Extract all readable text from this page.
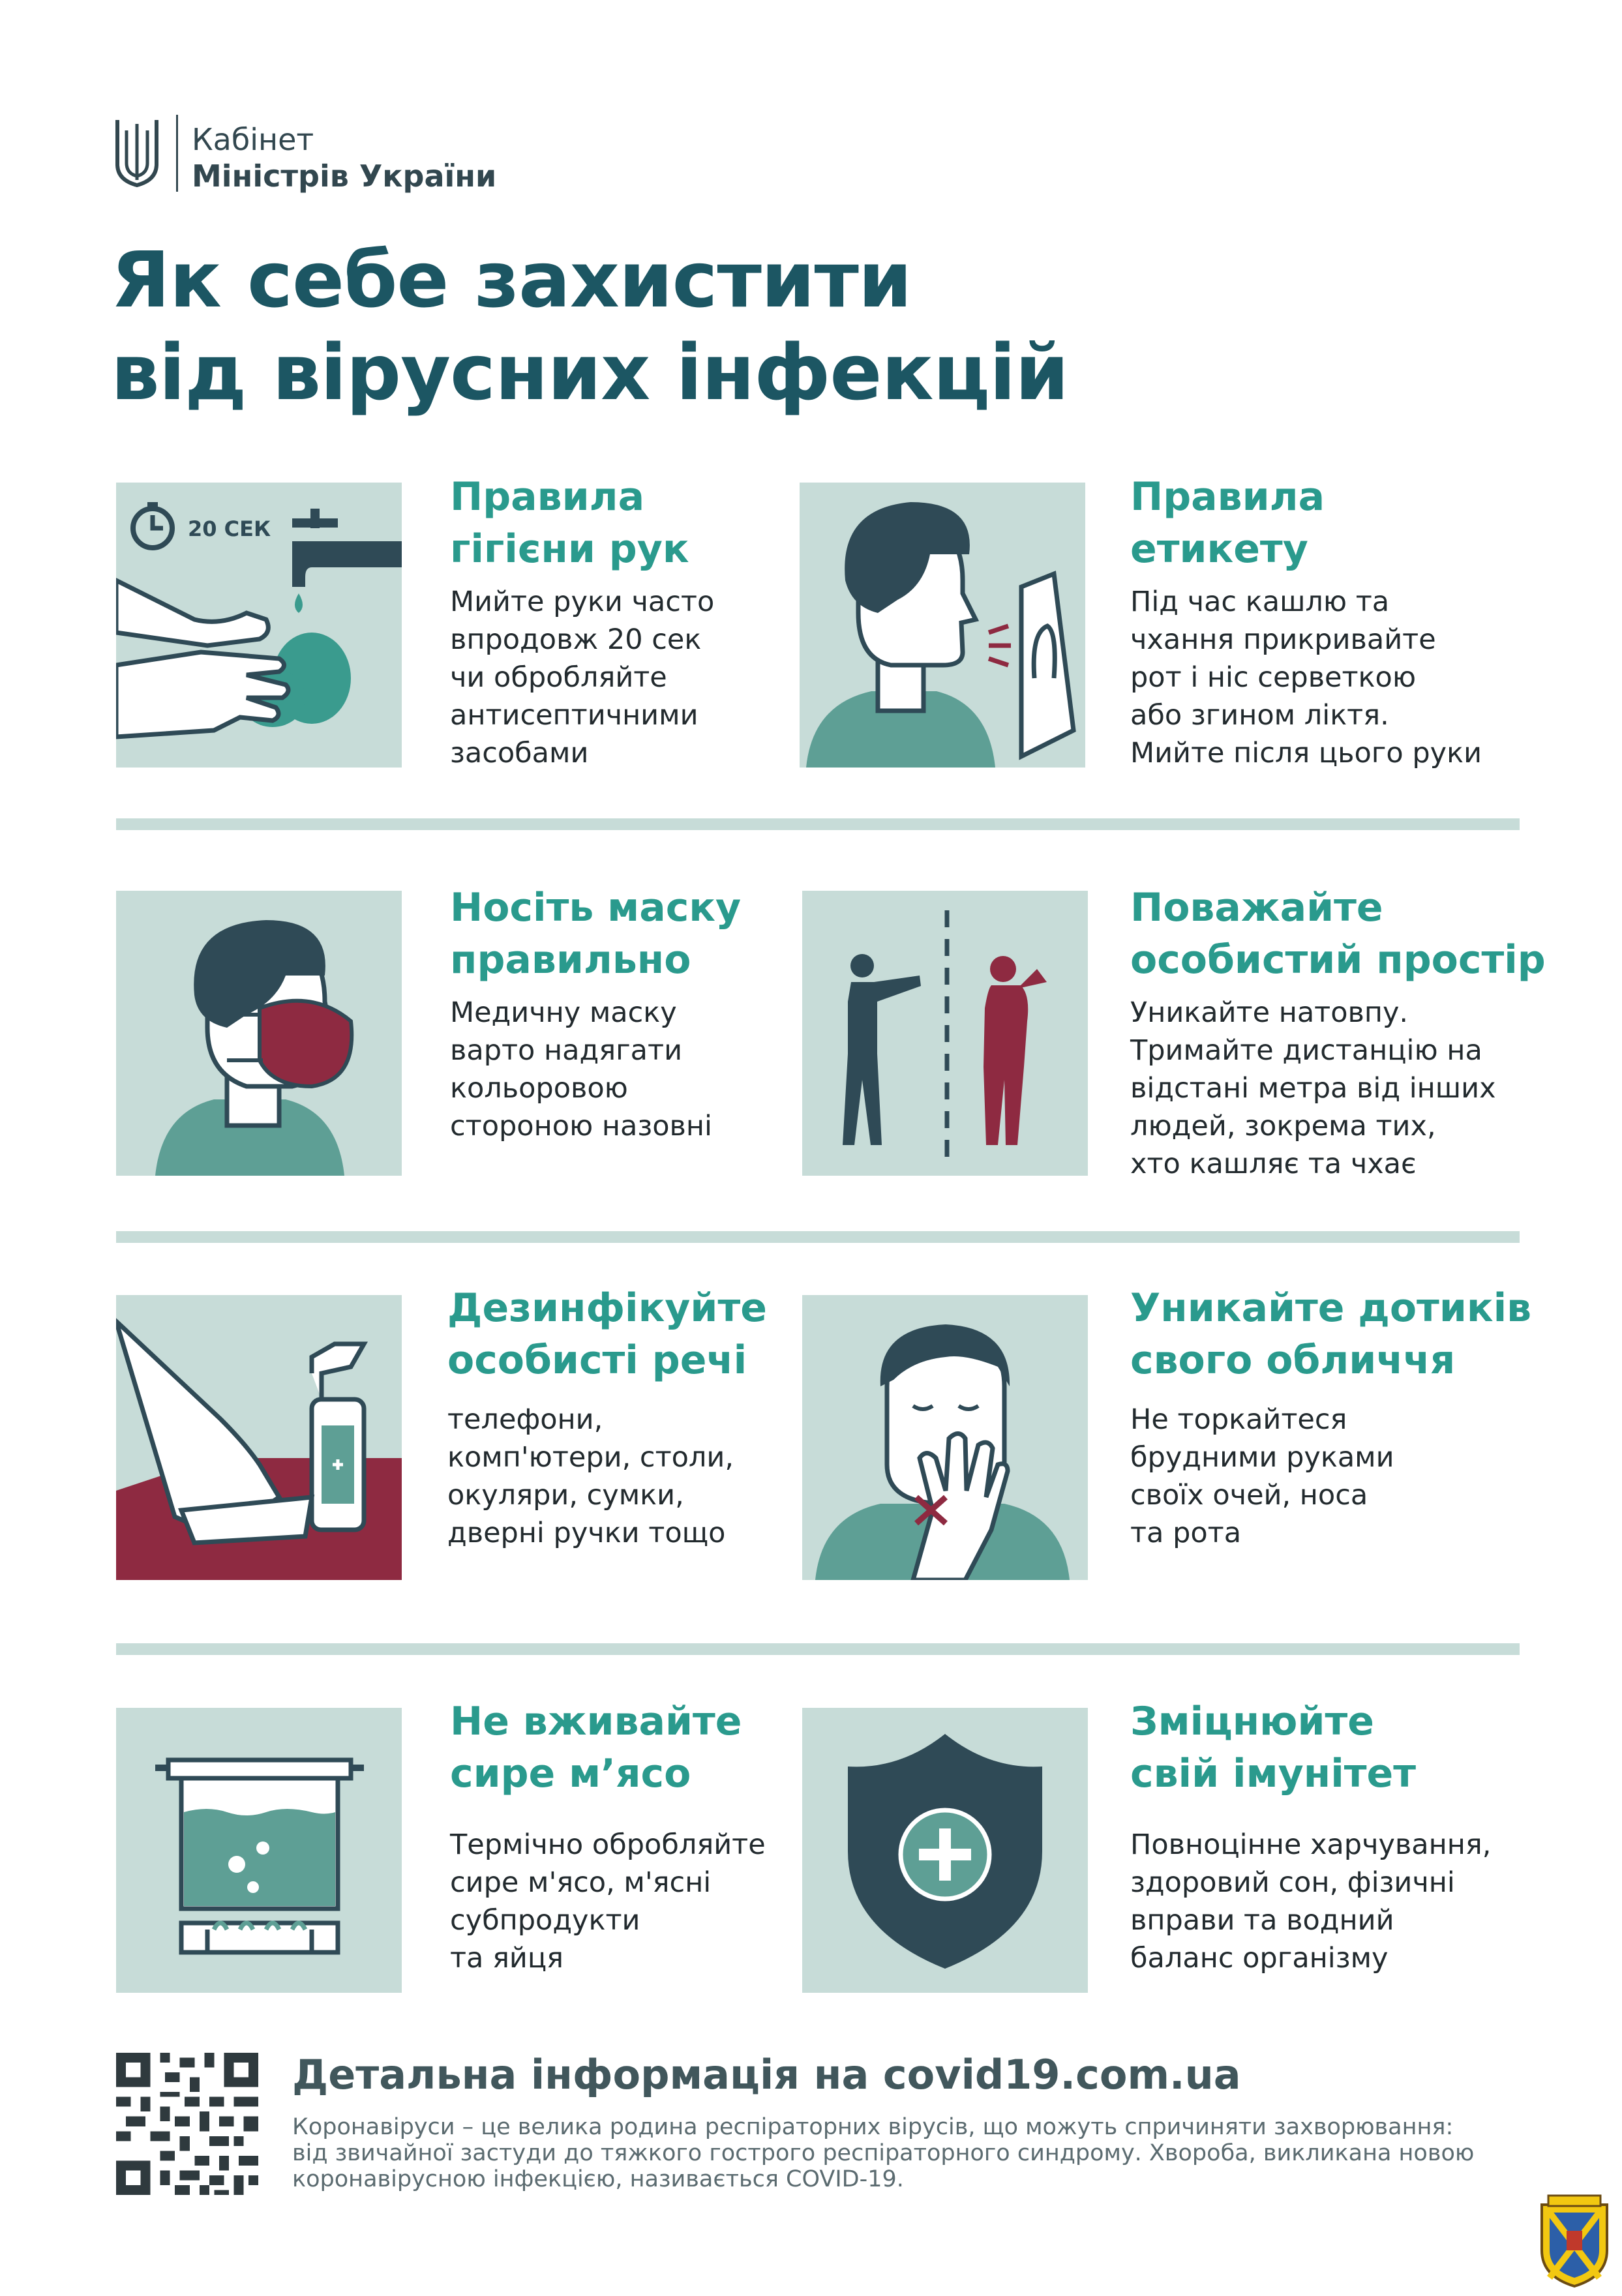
Кабінет
Міністрів України
Як себе захистити
від вірусних інфекцій
20 СЕК
Правила
гігієни рук
Мийте руки часто
впродовж 20 сек
чи обробляйте
антисептичними
засобами
Правила
етикету
Під час кашлю та
чхання прикривайте
рот і ніс серветкою
або згином ліктя.
Мийте після цього руки
Носіть маску
правильно
Медичну маску
варто надягати
кольоровою
стороною назовні
Поважайте
особистий простір
Уникайте натовпу.
Тримайте дистанцію на
відстані метра від інших
людей, зокрема тих,
хто кашляє та чхає
Дезинфікуйте
особисті речі
телефони,
комп'ютери, столи,
окуляри, сумки,
дверні ручки тощо
Уникайте дотиків
свого обличчя
Не торкайтеся
брудними руками
своїх очей, носа
та рота
Не вживайте
сире м’ясо
Термічно обробляйте
сире м'ясо, м'ясні
субпродукти
та яйця
Зміцнюйте
свій імунітет
Повноцінне харчування,
здоровий сон, фізичні
вправи та водний
баланс організму
Детальна інформація на covid19.com.ua
Коронавіруси – це велика родина респіраторних вірусів, що можуть спричиняти захворювання:
від звичайної застуди до тяжкого гострого респіраторного синдрому. Хвороба, викликана новою
коронавірусною інфекцією, називається COVID-19.
